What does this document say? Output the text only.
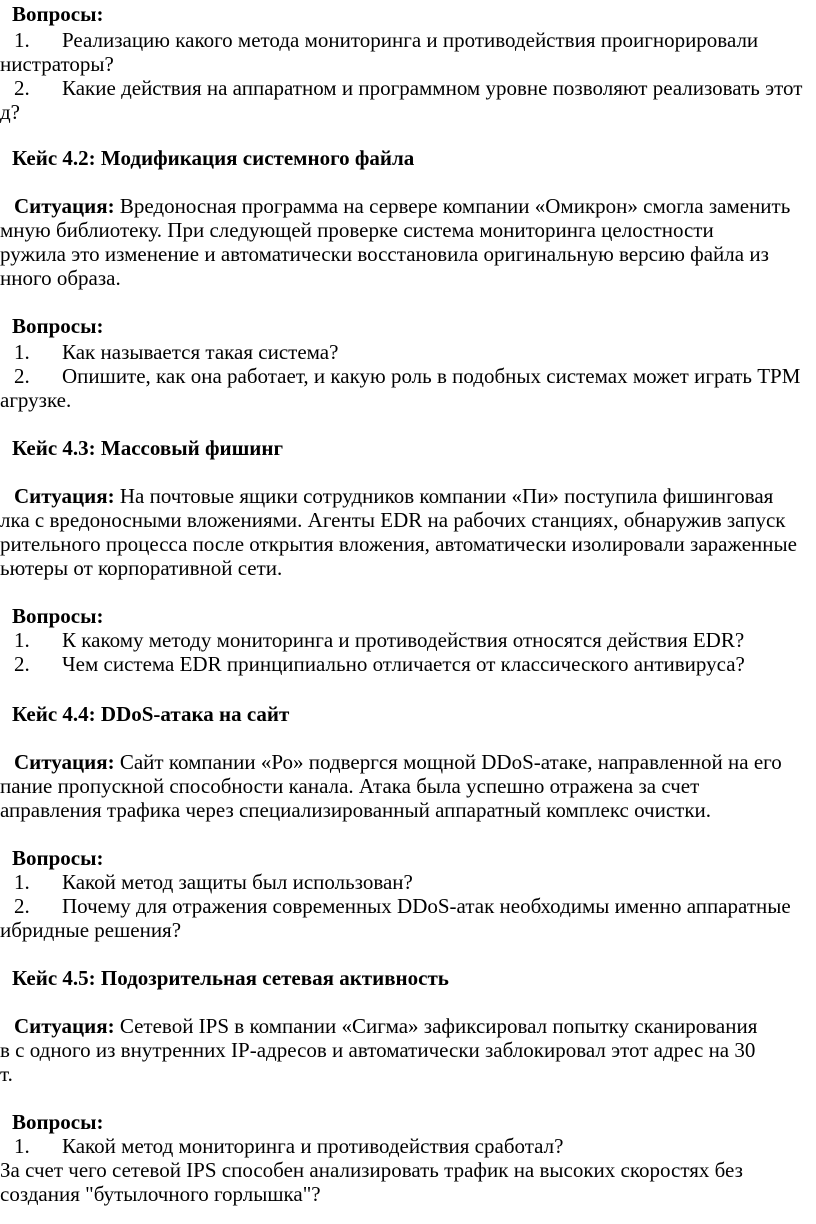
Вопросы:
1. Реализацию какого метода мониторинга и противодействия проигнорировали
нистраторы?
2. Какие действия на аппаратном и программном уровне позволяют реализовать этот
д?
Кейс 4.2: Модификация системного файла
Ситуация: Вредоносная программа на сервере компании «Омикрон» смогла заменить
мную библиотеку. При следующей проверке система мониторинга целостности
ружила это изменение и автоматически восстановила оригинальную версию файла из
нного образа.
Вопросы:
1. Как называется такая система?
2. Опишите, как она работает, и какую роль в подобных системах может играть TPM
агрузке.
Кейс 4.3: Массовый фишинг
Ситуация: На почтовые ящики сотрудников компании «Пи» поступила фишинговая
лка с вредоносными вложениями. Агенты EDR на рабочих станциях, обнаружив запуск
рительного процесса после открытия вложения, автоматически изолировали зараженные
ьютеры от корпоративной сети.
Вопросы:
1. К какому методу мониторинга и противодействия относятся действия EDR?
2. Чем система EDR принципиально отличается от классического антивируса?
Кейс 4.4: DDoS-атака на сайт
Ситуация: Сайт компании «Ро» подвергся мощной DDoS-атаке, направленной на его
пание пропускной способности канала. Атака была успешно отражена за счет
аправления трафика через специализированный аппаратный комплекс очистки.
Вопросы:
1. Какой метод защиты был использован?
2. Почему для отражения современных DDoS-атак необходимы именно аппаратные
ибридные решения?
Кейс 4.5: Подозрительная сетевая активность
Ситуация: Сетевой IPS в компании «Сигма» зафиксировал попытку сканирования
в с одного из внутренних IP-адресов и автоматически заблокировал этот адрес на 30
т.
Вопросы:
1. Какой метод мониторинга и противодействия сработал?
За счет чего сетевой IPS способен анализировать трафик на высоких скоростях без
создания "бутылочного горлышка"?
